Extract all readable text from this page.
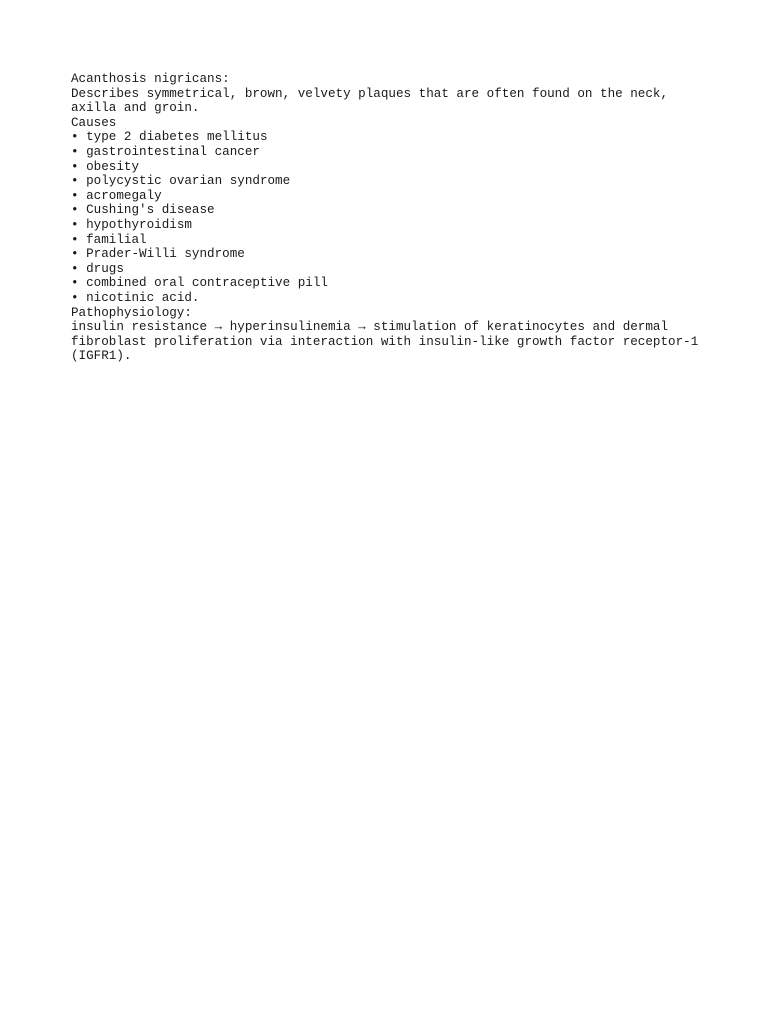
Acanthosis nigricans:
Describes symmetrical, brown, velvety plaques that are often found on the neck,
axilla and groin.
Causes
• type 2 diabetes mellitus
• gastrointestinal cancer
• obesity
• polycystic ovarian syndrome
• acromegaly
• Cushing's disease
• hypothyroidism
• familial
• Prader-Willi syndrome
• drugs
• combined oral contraceptive pill
• nicotinic acid.
Pathophysiology:
insulin resistance → hyperinsulinemia → stimulation of keratinocytes and dermal
fibroblast proliferation via interaction with insulin-like growth factor receptor-1
(IGFR1).
